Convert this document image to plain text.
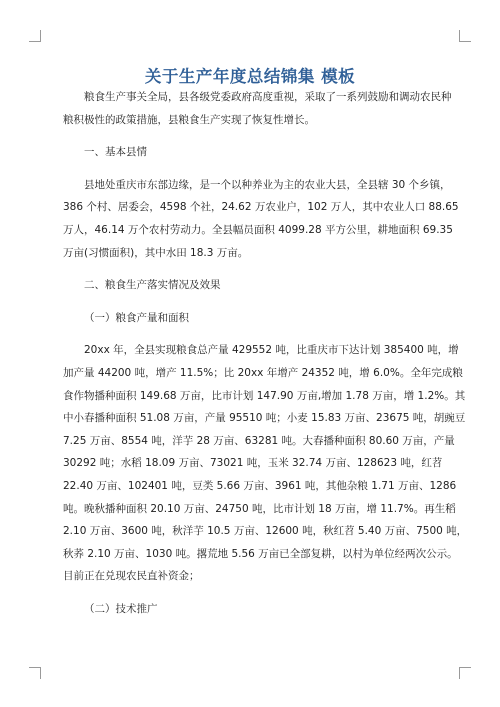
关于生产年度总结锦集 模板

粮食生产事关全局，县各级党委政府高度重视，采取了一系列鼓励和调动农民种
粮积极性的政策措施，县粮食生产实现了恢复性增长。

一、基本县情

县地处重庆市东部边缘，是一个以种养业为主的农业大县，全县辖 30 个乡镇，
386 个村、居委会，4598 个社，24.62 万农业户，102 万人，其中农业人口 88.65
万人，46.14 万个农村劳动力。全县幅员面积 4099.28 平方公里，耕地面积 69.35
万亩(习惯面积)，其中水田 18.3 万亩。

二、粮食生产落实情况及效果

（一）粮食产量和面积

20xx 年，全县实现粮食总产量 429552 吨，比重庆市下达计划 385400 吨，增
加产量 44200 吨，增产 11.5%；比 20xx 年增产 24352 吨，增 6.0%。全年完成粮
食作物播种面积 149.68 万亩，比市计划 147.90 万亩,增加 1.78 万亩，增 1.2%。其
中小春播种面积 51.08 万亩，产量 95510 吨；小麦 15.83 万亩、23675 吨，胡豌豆
7.25 万亩、8554 吨，洋芋 28 万亩、63281 吨。大春播种面积 80.60 万亩，产量
30292 吨；水稻 18.09 万亩、73021 吨，玉米 32.74 万亩、128623 吨，红苕
22.40 万亩、102401 吨，豆类 5.66 万亩、3961 吨，其他杂粮 1.71 万亩、1286
吨。晚秋播种面积 20.10 万亩、24750 吨，比市计划 18 万亩，增 11.7%。再生稻
2.10 万亩、3600 吨，秋洋芋 10.5 万亩、12600 吨，秋红苕 5.40 万亩、7500 吨，
秋荞 2.10 万亩、1030 吨。撂荒地 5.56 万亩已全部复耕，以村为单位经两次公示。
目前正在兑现农民直补资金；

（二）技术推广
